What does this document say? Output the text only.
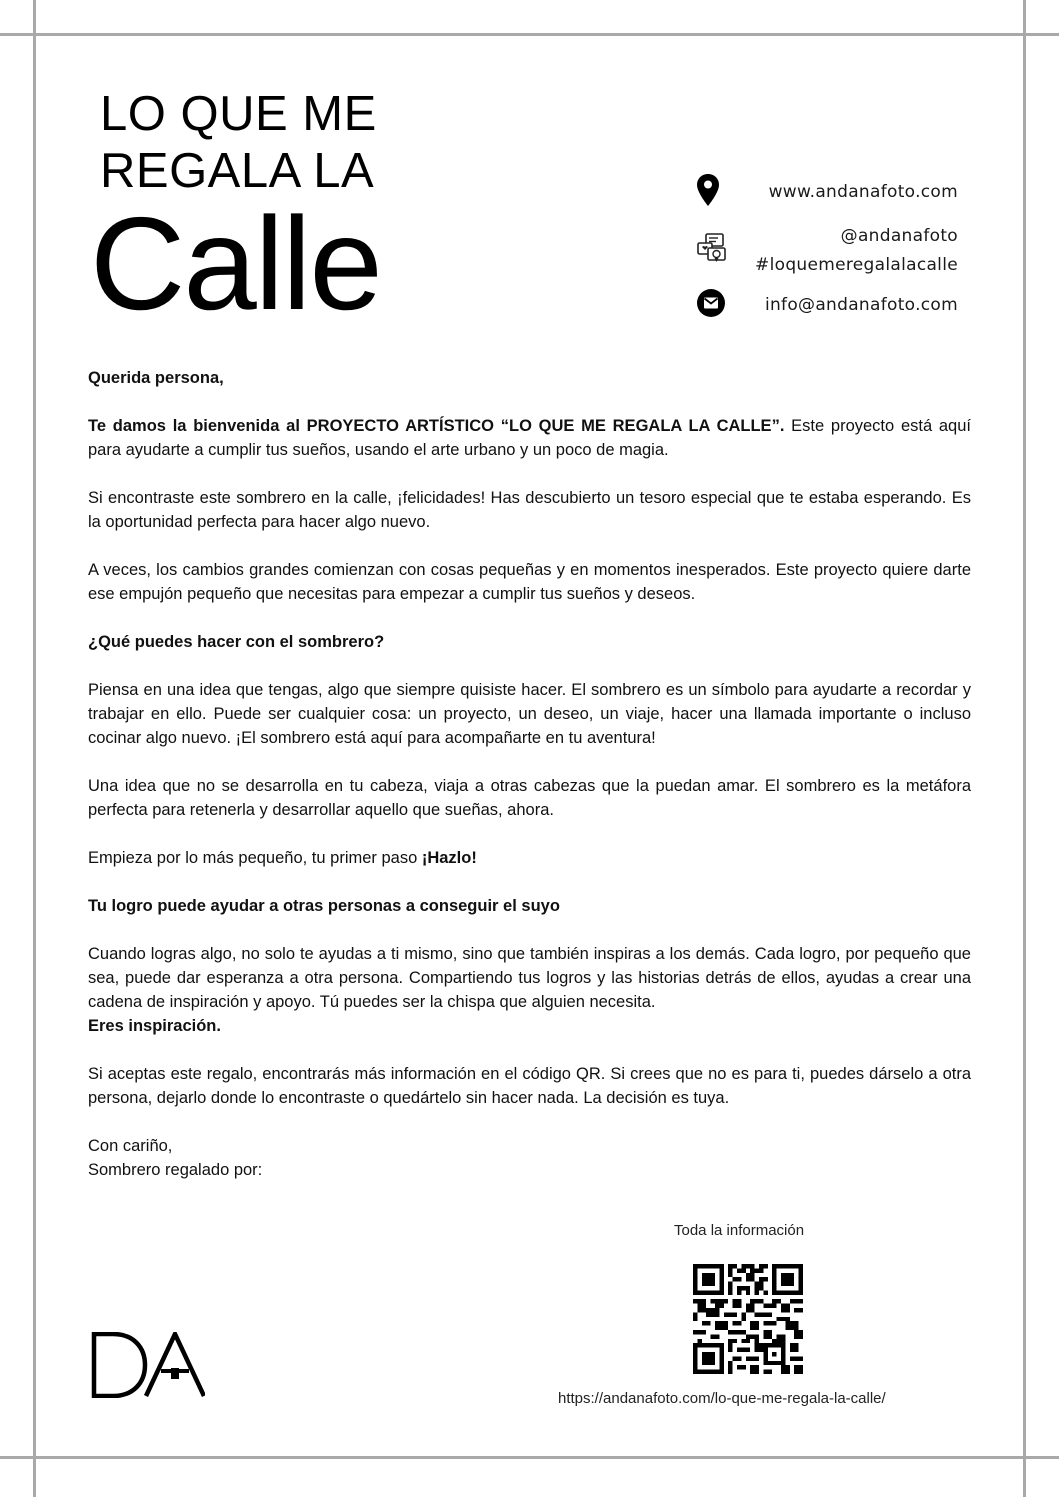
LO QUE ME
REGALA LA
Calle	www.andanafoto.com
@andanafoto
#loquemeregalalacalle
info@andanafoto.com

Querida persona,

Te damos la bienvenida al PROYECTO ARTÍSTICO “LO QUE ME REGALA LA CALLE”. Este proyecto está aquí para ayudarte a cumplir tus sueños, usando el arte urbano y un poco de magia.

Si encontraste este sombrero en la calle, ¡felicidades! Has descubierto un tesoro especial que te estaba esperando. Es la oportunidad perfecta para hacer algo nuevo.

A veces, los cambios grandes comienzan con cosas pequeñas y en momentos inesperados. Este proyecto quiere darte ese empujón pequeño que necesitas para empezar a cumplir tus sueños y deseos.

¿Qué puedes hacer con el sombrero?

Piensa en una idea que tengas, algo que siempre quisiste hacer. El sombrero es un símbolo para ayudarte a recordar y trabajar en ello. Puede ser cualquier cosa: un proyecto, un deseo, un viaje, hacer una llamada importante o incluso cocinar algo nuevo. ¡El sombrero está aquí para acompañarte en tu aventura!

Una idea que no se desarrolla en tu cabeza, viaja a otras cabezas que la puedan amar. El sombrero es la metáfora perfecta para retenerla y desarrollar aquello que sueñas, ahora.

Empieza por lo más pequeño, tu primer paso ¡Hazlo!

Tu logro puede ayudar a otras personas a conseguir el suyo

Cuando logras algo, no solo te ayudas a ti mismo, sino que también inspiras a los demás. Cada logro, por pequeño que sea, puede dar esperanza a otra persona. Compartiendo tus logros y las historias detrás de ellos, ayudas a crear una cadena de inspiración y apoyo. Tú puedes ser la chispa que alguien necesita.
Eres inspiración.

Si aceptas este regalo, encontrarás más información en el código QR. Si crees que no es para ti, puedes dárselo a otra persona, dejarlo donde lo encontraste o quedártelo sin hacer nada. La decisión es tuya.

Con cariño,
Sombrero regalado por:

Toda la información
https://andanafoto.com/lo-que-me-regala-la-calle/
